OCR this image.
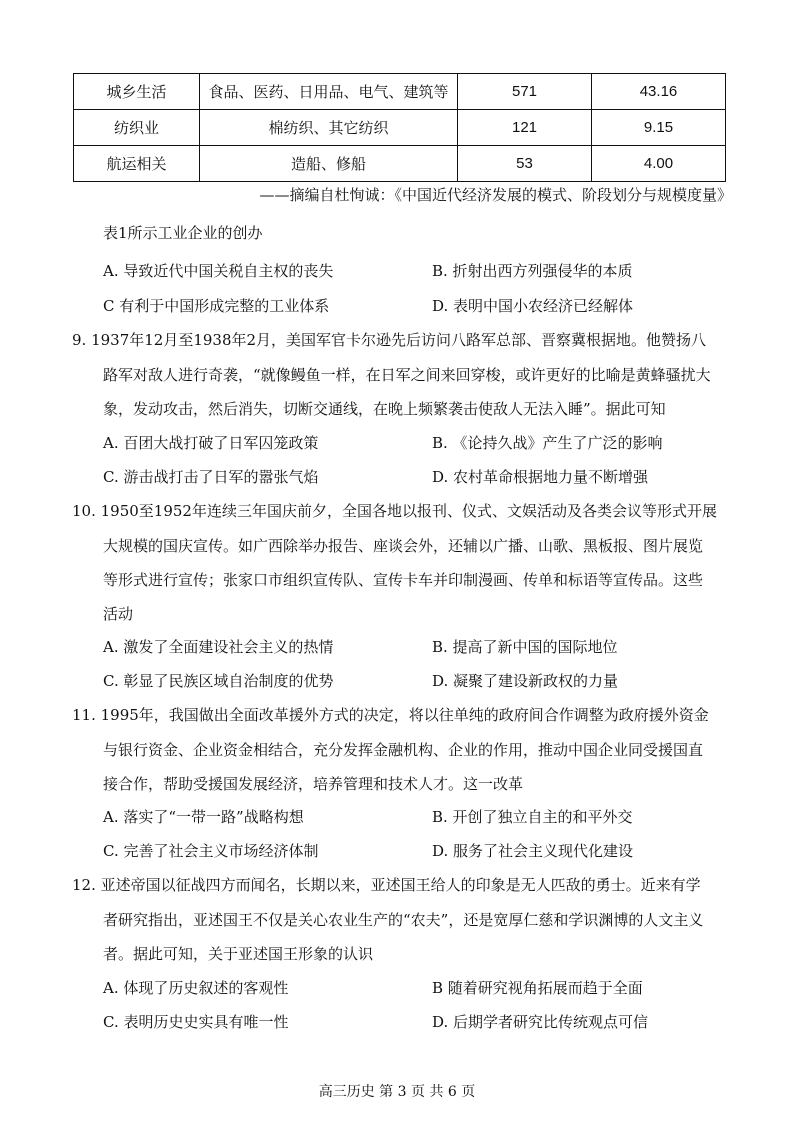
城乡生活	食品、医药、日用品、电气、建筑等	571	43.16
纺织业	棉纺织、其它纺织	121	9.15
航运相关	造船、修船	53	4.00
——摘编自杜恂诚：《中国近代经济发展的模式、阶段划分与规模度量》
表1所示工业企业的创办
A. 导致近代中国关税自主权的丧失	B. 折射出西方列强侵华的本质
C 有利于中国形成完整的工业体系	D. 表明中国小农经济已经解体
9. 1937年12月至1938年2月，美国军官卡尔逊先后访问八路军总部、晋察冀根据地。他赞扬八
路军对敌人进行奇袭，“就像鳗鱼一样，在日军之间来回穿梭，或许更好的比喻是黄蜂骚扰大
象，发动攻击，然后消失，切断交通线，在晚上频繁袭击使敌人无法入睡”。据此可知
A. 百团大战打破了日军囚笼政策	B. 《论持久战》产生了广泛的影响
C. 游击战打击了日军的嚣张气焰	D. 农村革命根据地力量不断增强
10. 1950至1952年连续三年国庆前夕，全国各地以报刊、仪式、文娱活动及各类会议等形式开展
大规模的国庆宣传。如广西除举办报告、座谈会外，还辅以广播、山歌、黑板报、图片展览
等形式进行宣传；张家口市组织宣传队、宣传卡车并印制漫画、传单和标语等宣传品。这些
活动
A. 激发了全面建设社会主义的热情	B. 提高了新中国的国际地位
C. 彰显了民族区域自治制度的优势	D. 凝聚了建设新政权的力量
11. 1995年，我国做出全面改革援外方式的决定，将以往单纯的政府间合作调整为政府援外资金
与银行资金、企业资金相结合，充分发挥金融机构、企业的作用，推动中国企业同受援国直
接合作，帮助受援国发展经济，培养管理和技术人才。这一改革
A. 落实了“一带一路”战略构想	B. 开创了独立自主的和平外交
C. 完善了社会主义市场经济体制	D. 服务了社会主义现代化建设
12. 亚述帝国以征战四方而闻名，长期以来，亚述国王给人的印象是无人匹敌的勇士。近来有学
者研究指出，亚述国王不仅是关心农业生产的“农夫”，还是宽厚仁慈和学识渊博的人文主义
者。据此可知，关于亚述国王形象的认识
A. 体现了历史叙述的客观性	B 随着研究视角拓展而趋于全面
C. 表明历史史实具有唯一性	D. 后期学者研究比传统观点可信
高三历史 第 3 页 共 6 页
